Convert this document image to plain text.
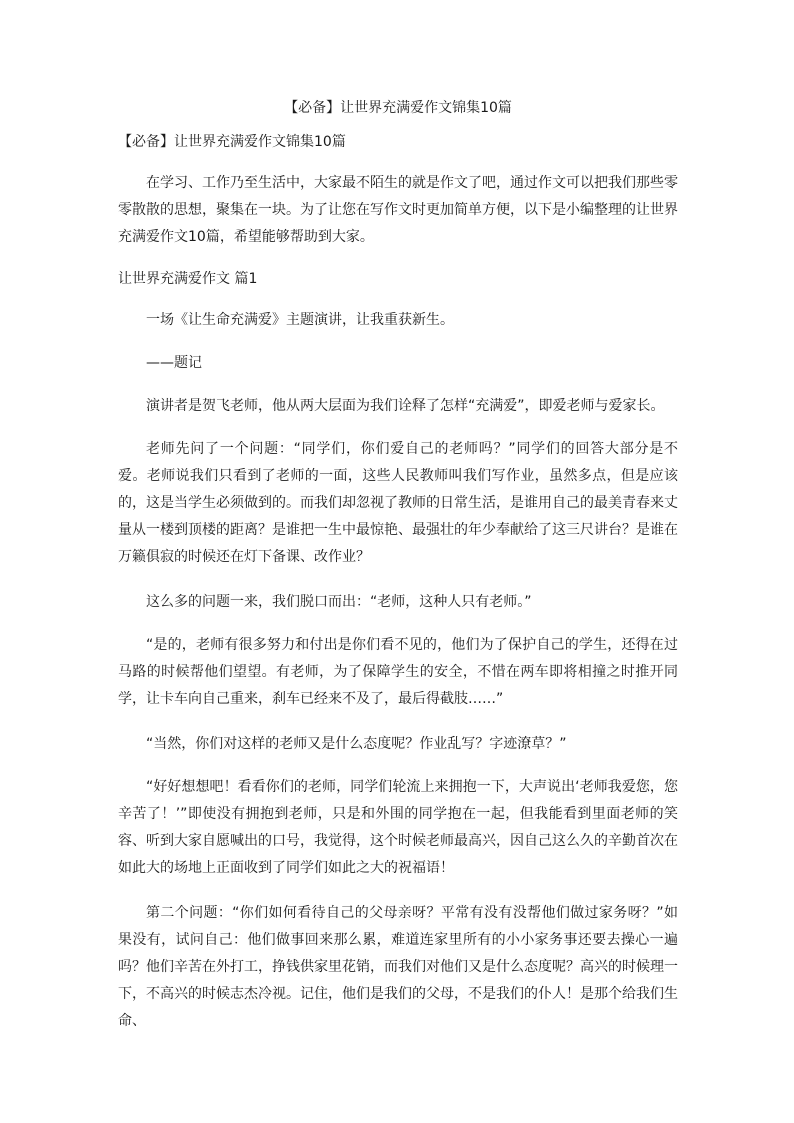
【必备】让世界充满爱作文锦集10篇
【必备】让世界充满爱作文锦集10篇

在学习、工作乃至生活中，大家最不陌生的就是作文了吧，通过作文可以把我们那些零零散散的思想，聚集在一块。为了让您在写作文时更加简单方便，以下是小编整理的让世界充满爱作文10篇，希望能够帮助到大家。

让世界充满爱作文 篇1

一场《让生命充满爱》主题演讲，让我重获新生。

——题记

演讲者是贺飞老师，他从两大层面为我们诠释了怎样“充满爱”，即爱老师与爱家长。

老师先问了一个问题：“同学们，你们爱自己的老师吗？”同学们的回答大部分是不爱。老师说我们只看到了老师的一面，这些人民教师叫我们写作业，虽然多点，但是应该的，这是当学生必须做到的。而我们却忽视了教师的日常生活，是谁用自己的最美青春来丈量从一楼到顶楼的距离？是谁把一生中最惊艳、最强壮的年少奉献给了这三尺讲台？是谁在万籁俱寂的时候还在灯下备课、改作业？

这么多的问题一来，我们脱口而出：“老师，这种人只有老师。”

“是的，老师有很多努力和付出是你们看不见的，他们为了保护自己的学生，还得在过马路的时候帮他们望望。有老师，为了保障学生的安全，不惜在两车即将相撞之时推开同学，让卡车向自己重来，刹车已经来不及了，最后得截肢……”

“当然，你们对这样的老师又是什么态度呢？作业乱写？字迹潦草？”

“好好想想吧！看看你们的老师，同学们轮流上来拥抱一下，大声说出‘老师我爱您，您辛苦了！’”即使没有拥抱到老师，只是和外围的同学抱在一起，但我能看到里面老师的笑容、听到大家自愿喊出的口号，我觉得，这个时候老师最高兴，因自己这么久的辛勤首次在如此大的场地上正面收到了同学们如此之大的祝福语！

第二个问题：“你们如何看待自己的父母亲呀？平常有没有没帮他们做过家务呀？”如果没有，试问自己：他们做事回来那么累，难道连家里所有的小小家务事还要去操心一遍吗？他们辛苦在外打工，挣钱供家里花销，而我们对他们又是什么态度呢？高兴的时候理一下，不高兴的时候志杰冷视。记住，他们是我们的父母，不是我们的仆人！是那个给我们生命、
